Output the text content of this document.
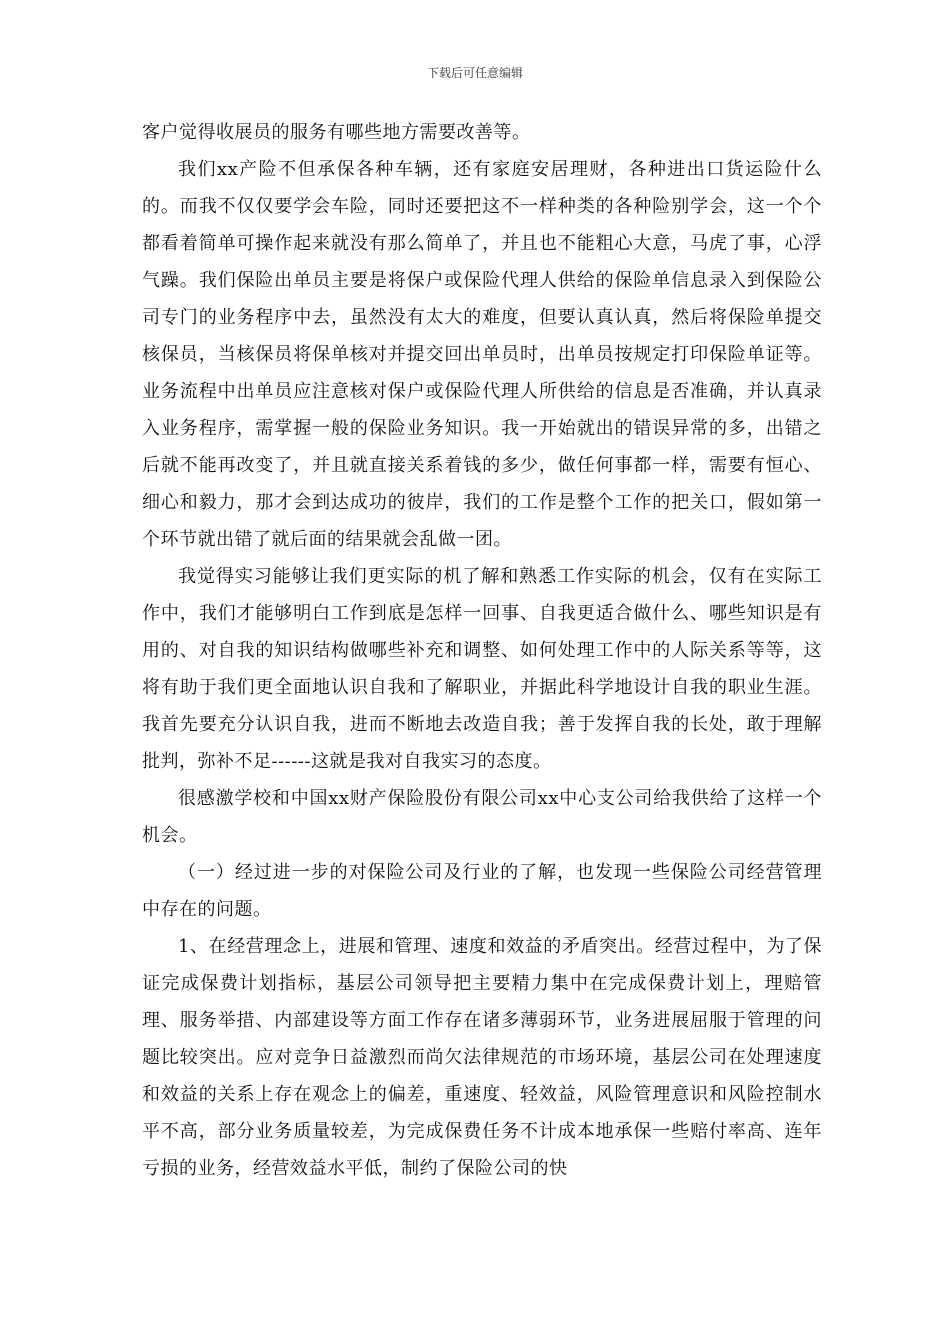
下载后可任意编辑

客户觉得收展员的服务有哪些地方需要改善等。

我们xx产险不但承保各种车辆，还有家庭安居理财，各种进出口货运险什么的。而我不仅仅要学会车险，同时还要把这不一样种类的各种险别学会，这一个个都看着简单可操作起来就没有那么简单了，并且也不能粗心大意，马虎了事，心浮气躁。我们保险出单员主要是将保户或保险代理人供给的保险单信息录入到保险公司专门的业务程序中去，虽然没有太大的难度，但要认真认真，然后将保险单提交核保员，当核保员将保单核对并提交回出单员时，出单员按规定打印保险单证等。业务流程中出单员应注意核对保户或保险代理人所供给的信息是否准确，并认真录入业务程序，需掌握一般的保险业务知识。我一开始就出的错误异常的多，出错之后就不能再改变了，并且就直接关系着钱的多少，做任何事都一样，需要有恒心、细心和毅力，那才会到达成功的彼岸，我们的工作是整个工作的把关口，假如第一个环节就出错了就后面的结果就会乱做一团。

我觉得实习能够让我们更实际的机了解和熟悉工作实际的机会，仅有在实际工作中，我们才能够明白工作到底是怎样一回事、自我更适合做什么、哪些知识是有用的、对自我的知识结构做哪些补充和调整、如何处理工作中的人际关系等等，这将有助于我们更全面地认识自我和了解职业，并据此科学地设计自我的职业生涯。我首先要充分认识自我，进而不断地去改造自我；善于发挥自我的长处，敢于理解批判，弥补不足------这就是我对自我实习的态度。

很感激学校和中国xx财产保险股份有限公司xx中心支公司给我供给了这样一个机会。

（一）经过进一步的对保险公司及行业的了解，也发现一些保险公司经营管理中存在的问题。

1、在经营理念上，进展和管理、速度和效益的矛盾突出。经营过程中，为了保证完成保费计划指标，基层公司领导把主要精力集中在完成保费计划上，理赔管理、服务举措、内部建设等方面工作存在诸多薄弱环节，业务进展屈服于管理的问题比较突出。应对竞争日益激烈而尚欠法律规范的市场环境，基层公司在处理速度和效益的关系上存在观念上的偏差，重速度、轻效益，风险管理意识和风险控制水平不高，部分业务质量较差，为完成保费任务不计成本地承保一些赔付率高、连年亏损的业务，经营效益水平低，制约了保险公司的快
